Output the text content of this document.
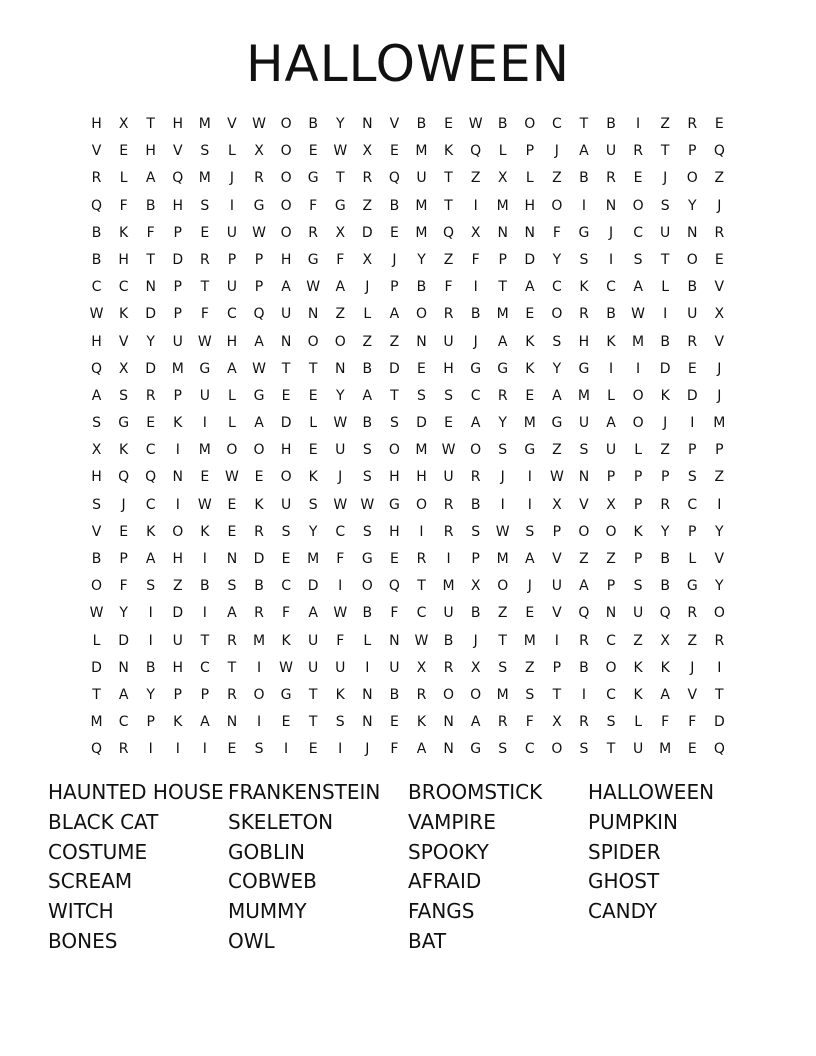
HALLOWEEN
H	X	T	H	M	V	W	O	B	Y	N	V	B	E	W	B	O	C	T	B	I	Z	R	E
V	E	H	V	S	L	X	O	E	W	X	E	M	K	Q	L	P	J	A	U	R	T	P	Q
R	L	A	Q	M	J	R	O	G	T	R	Q	U	T	Z	X	L	Z	B	R	E	J	O	Z
Q	F	B	H	S	I	G	O	F	G	Z	B	M	T	I	M	H	O	I	N	O	S	Y	J
B	K	F	P	E	U	W	O	R	X	D	E	M	Q	X	N	N	F	G	J	C	U	N	R
B	H	T	D	R	P	P	H	G	F	X	J	Y	Z	F	P	D	Y	S	I	S	T	O	E
C	C	N	P	T	U	P	A	W	A	J	P	B	F	I	T	A	C	K	C	A	L	B	V
W	K	D	P	F	C	Q	U	N	Z	L	A	O	R	B	M	E	O	R	B	W	I	U	X
H	V	Y	U	W	H	A	N	O	O	Z	Z	N	U	J	A	K	S	H	K	M	B	R	V
Q	X	D	M	G	A	W	T	T	N	B	D	E	H	G	G	K	Y	G	I	I	D	E	J
A	S	R	P	U	L	G	E	E	Y	A	T	S	S	C	R	E	A	M	L	O	K	D	J
S	G	E	K	I	L	A	D	L	W	B	S	D	E	A	Y	M	G	U	A	O	J	I	M
X	K	C	I	M	O	O	H	E	U	S	O	M	W	O	S	G	Z	S	U	L	Z	P	P
H	Q	Q	N	E	W	E	O	K	J	S	H	H	U	R	J	I	W	N	P	P	P	S	Z
S	J	C	I	W	E	K	U	S	W W	G	O	R	B	I	I	X	V	X	P	R	C	I
V	E	K	O	K	E	R	S	Y	C	S	H	I	R	S	W	S	P	O	O	K	Y	P	Y
B	P	A	H	I	N	D	E	M	F	G	E	R	I	P	M	A	V	Z	Z	P	B	L	V
O	F	S	Z	B	S	B	C	D	I	O	Q	T	M	X	O	J	U	A	P	S	B	G	Y
W	Y	I	D	I	A	R	F	A	W	B	F	C	U	B	Z	E	V	Q	N	U	Q	R	O
L	D	I	U	T	R	M	K	U	F	L	N	W	B	J	T	M	I	R	C	Z	X	Z	R
D	N	B	H	C	T	I	W	U	U	I	U	X	R	X	S	Z	P	B	O	K	K	J	I
T	A	Y	P	P	R	O	G	T	K	N	B	R	O	O	M	S	T	I	C	K	A	V	T
M	C	P	K	A	N	I	E	T	S	N	E	K	N	A	R	F	X	R	S	L	F	F	D
Q	R	I	I	I	E	S	I	E	I	J	F	A	N	G	S	C	O	S	T	U	M	E	Q
HAUNTED HOUSE
BLACK CAT
COSTUME
SCREAM
WITCH
BONES
FRANKENSTEIN
SKELETON
GOBLIN
COBWEB
MUMMY
OWL
BROOMSTICK
VAMPIRE
SPOOKY
AFRAID
FANGS
BAT
HALLOWEEN
PUMPKIN
SPIDER
GHOST
CANDY
